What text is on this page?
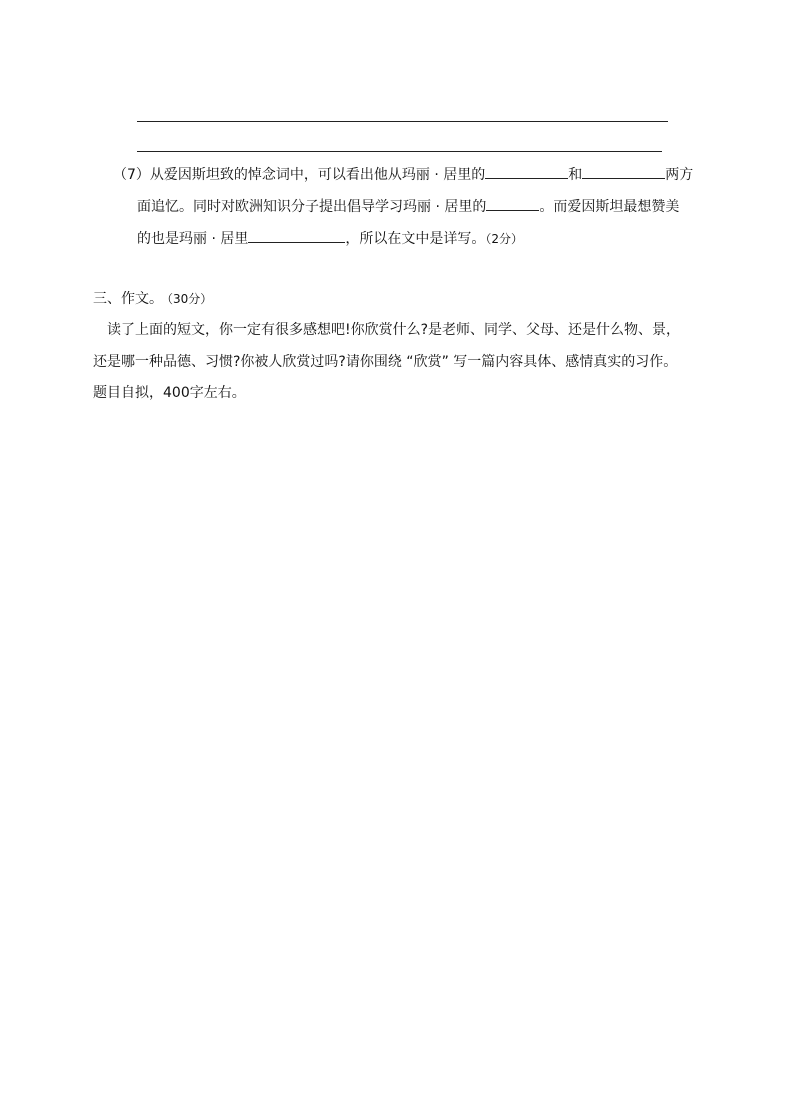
（7）从爱因斯坦致的悼念词中，可以看出他从玛丽 · 居里的	和	两方
面追忆。同时对欧洲知识分子提出倡导学习玛丽 · 居里的	。而爱因斯坦最想赞美
的也是玛丽 · 居里	，所以在文中是详写。（2分）
三、作文。 （30分）
读了上面的短文，你一定有很多感想吧!你欣赏什么?是老师、同学、父母、还是什么物、景，
还是哪一种品德、习惯?你被人欣赏过吗?请你围绕 “欣赏” 写一篇内容具体、感情真实的习作。
题目自拟，400字左右。
